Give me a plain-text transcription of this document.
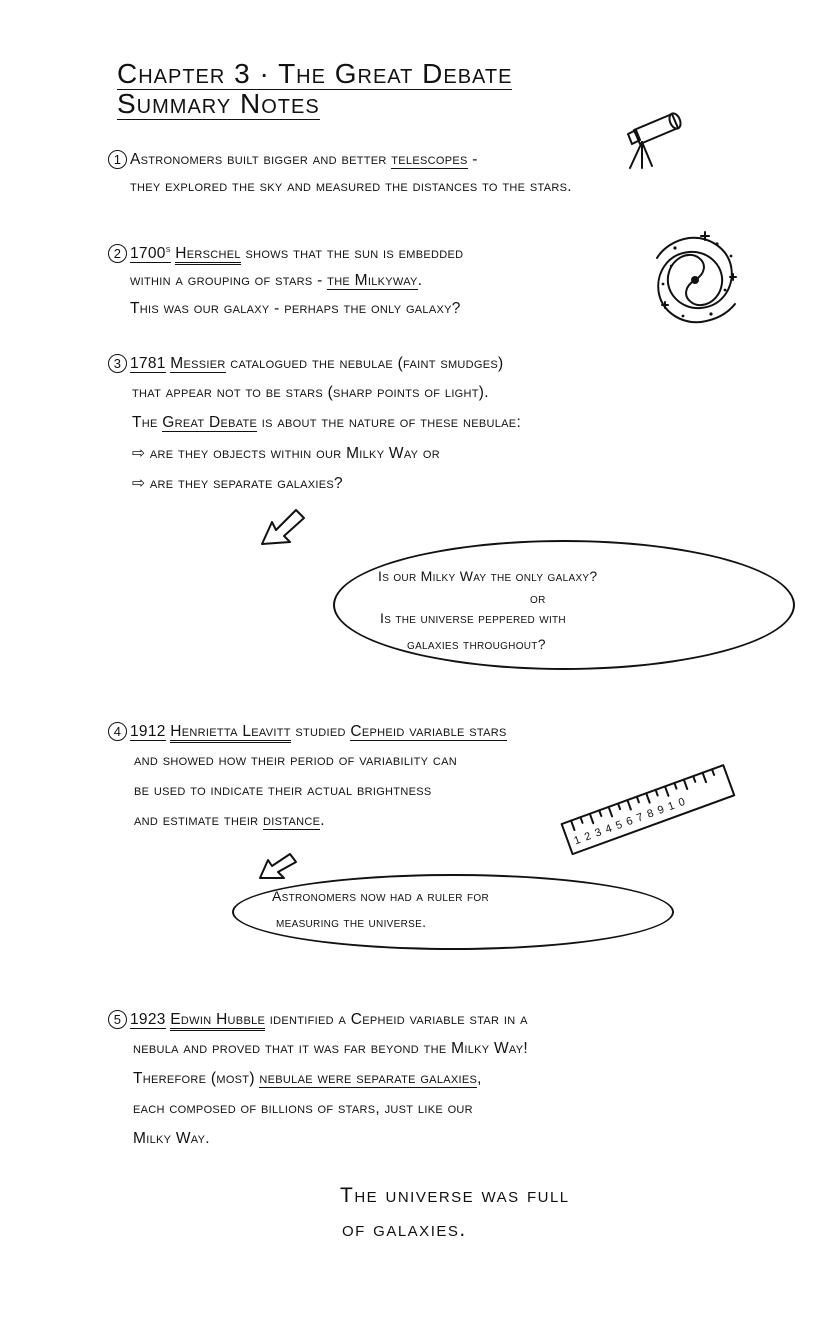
Chapter 3 · The Great Debate
Summary Notes
1 Astronomers built bigger and better telescopes -
they explored the sky and measured the distances to the stars.
2 1700$^s$ Herschel shows that the sun is embedded
within a grouping of stars - the Milkyway.
This was our galaxy - perhaps the only galaxy?
3 1781 Messier catalogued the nebulae (faint smudges)
that appear not to be stars (sharp points of light).
The Great Debate is about the nature of these nebulae:
⇨ are they objects within our Milky Way or
⇨ are they separate galaxies?
Is our Milky Way the only galaxy?
or
Is the universe peppered with
galaxies throughout?
4 1912 Henrietta Leavitt studied Cepheid variable stars
and showed how their period of variability can
be used to indicate their actual brightness
and estimate their distance.	12345678910
Astronomers now had a ruler for
measuring the universe.
5 1923 Edwin Hubble identified a Cepheid variable star in a
nebula and proved that it was far beyond the Milky Way!
Therefore (most) nebulae were separate galaxies,
each composed of billions of stars, just like our
Milky Way.
The universe was full
of galaxies.
